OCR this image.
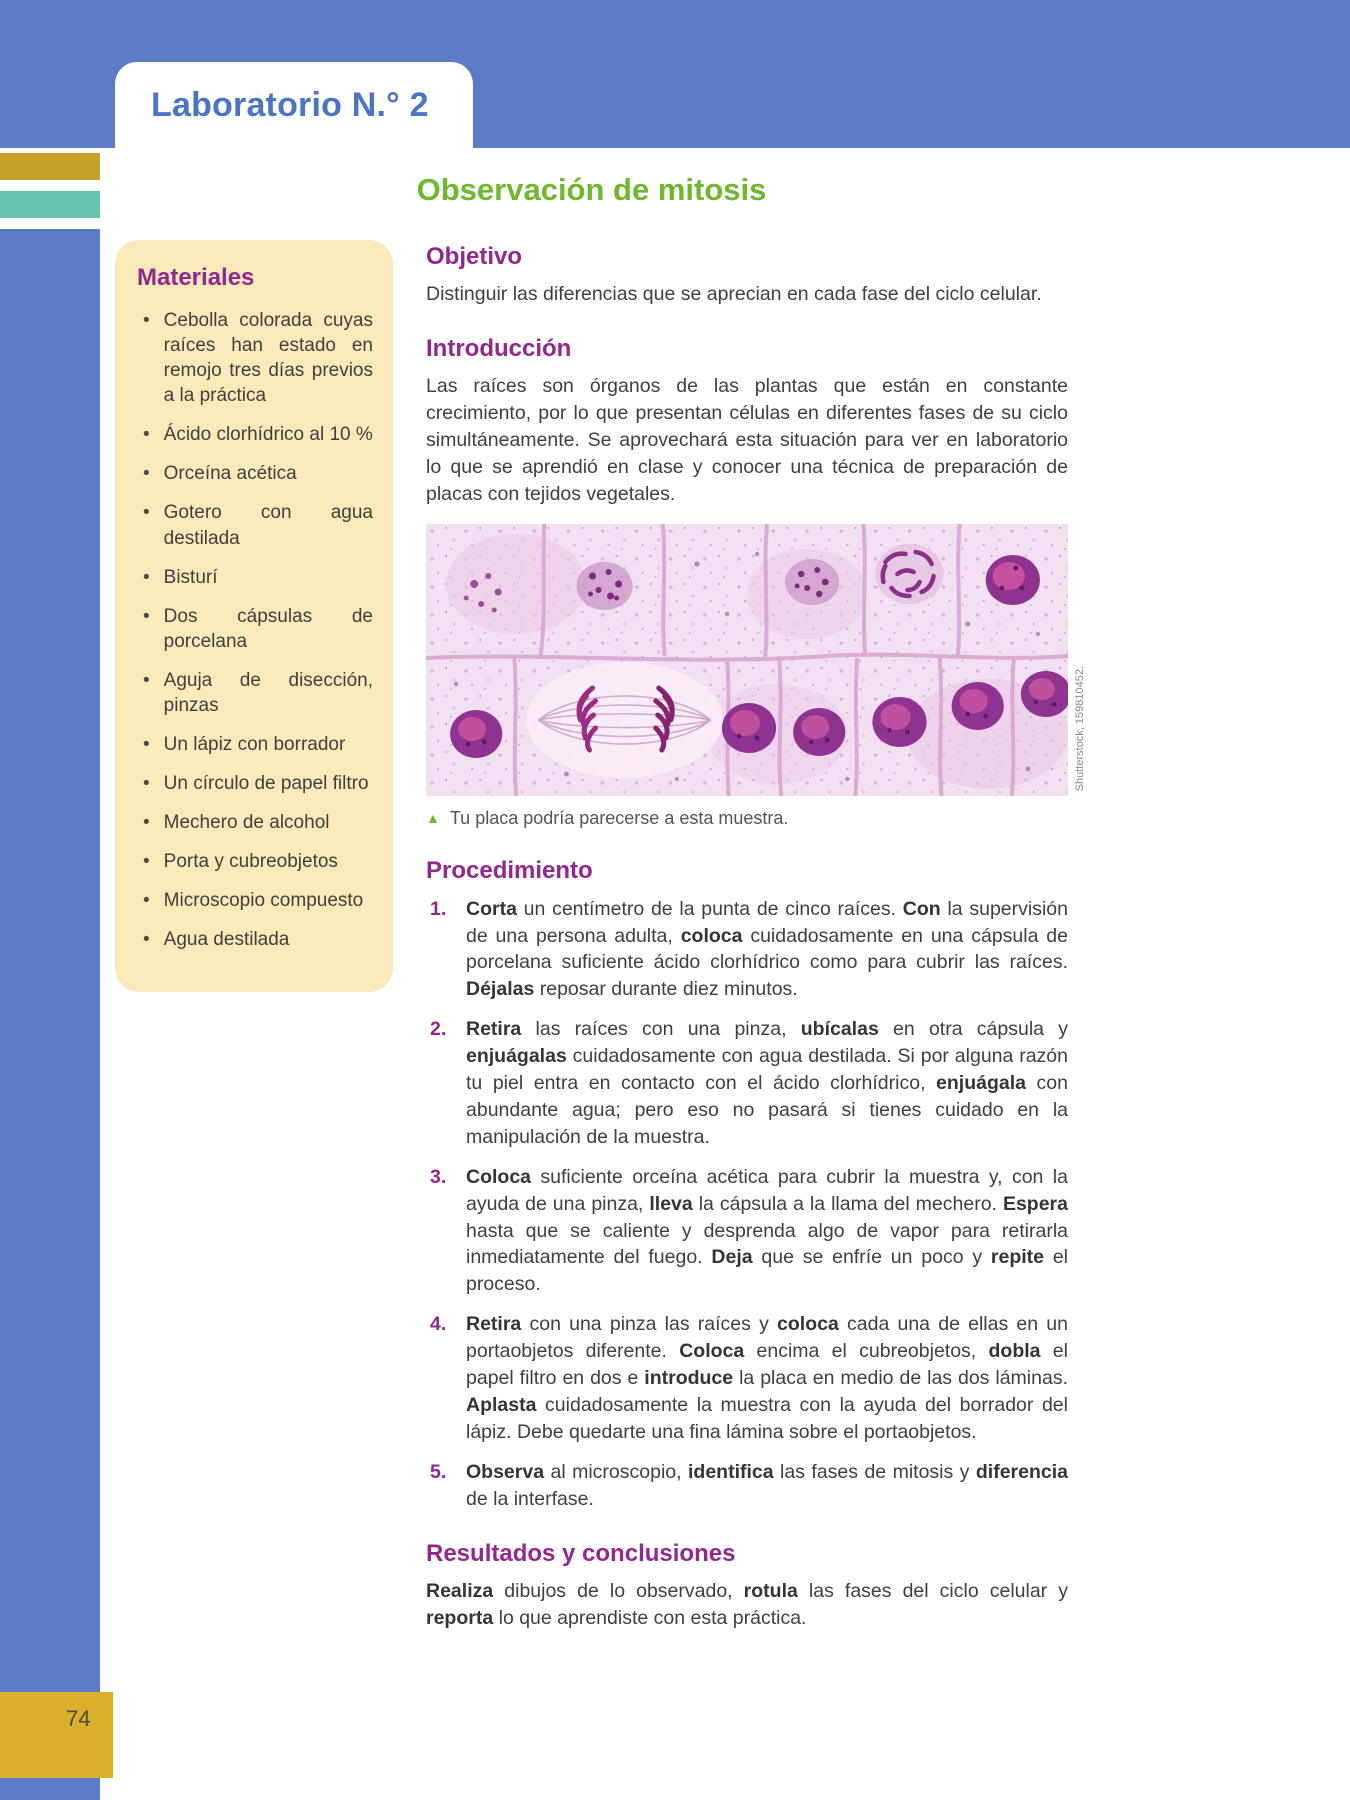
Laboratorio N.° 2
74
Observación de mitosis
Materiales
• Cebolla colorada cuyas raíces han estado en remojo tres días previos a la práctica
• Ácido clorhídrico al 10 %
• Orceína acética
• Gotero con agua destilada
• Bisturí
• Dos cápsulas de porcelana
• Aguja de disección, pinzas
• Un lápiz con borrador
• Un círculo de papel filtro
• Mechero de alcohol
• Porta y cubreobjetos
• Microscopio compuesto
• Agua destilada
Objetivo

Distinguir las diferencias que se aprecian en cada fase del ciclo celular.

Introducción

Las raíces son órganos de las plantas que están en constante crecimiento, por lo que presentan células en diferentes fases de su ciclo simultáneamente. Se aprovechará esta situación para ver en laboratorio lo que se aprendió en clase y conocer una técnica de preparación de placas con tejidos vegetales.

Shutterstock, 159810452.
▲ Tu placa podría parecerse a esta muestra.
Procedimiento
1. Corta un centímetro de la punta de cinco raíces. Con la supervisión de una persona adulta, coloca cuidadosamente en una cápsula de porcelana suficiente ácido clorhídrico como para cubrir las raíces. Déjalas reposar durante diez minutos.
2. Retira las raíces con una pinza, ubícalas en otra cápsula y enjuágalas cuidadosamente con agua destilada. Si por alguna razón tu piel entra en contacto con el ácido clorhídrico, enjuágala con abundante agua; pero eso no pasará si tienes cuidado en la manipulación de la muestra.
3. Coloca suficiente orceína acética para cubrir la muestra y, con la ayuda de una pinza, lleva la cápsula a la llama del mechero. Espera hasta que se caliente y desprenda algo de vapor para retirarla inmediatamente del fuego. Deja que se enfríe un poco y repite el proceso.
4. Retira con una pinza las raíces y coloca cada una de ellas en un portaobjetos diferente. Coloca encima el cubreobjetos, dobla el papel filtro en dos e introduce la placa en medio de las dos láminas. Aplasta cuidadosamente la muestra con la ayuda del borrador del lápiz. Debe quedarte una fina lámina sobre el portaobjetos.
5. Observa al microscopio, identifica las fases de mitosis y diferencia de la interfase.
Resultados y conclusiones

Realiza dibujos de lo observado, rotula las fases del ciclo celular y reporta lo que aprendiste con esta práctica.
